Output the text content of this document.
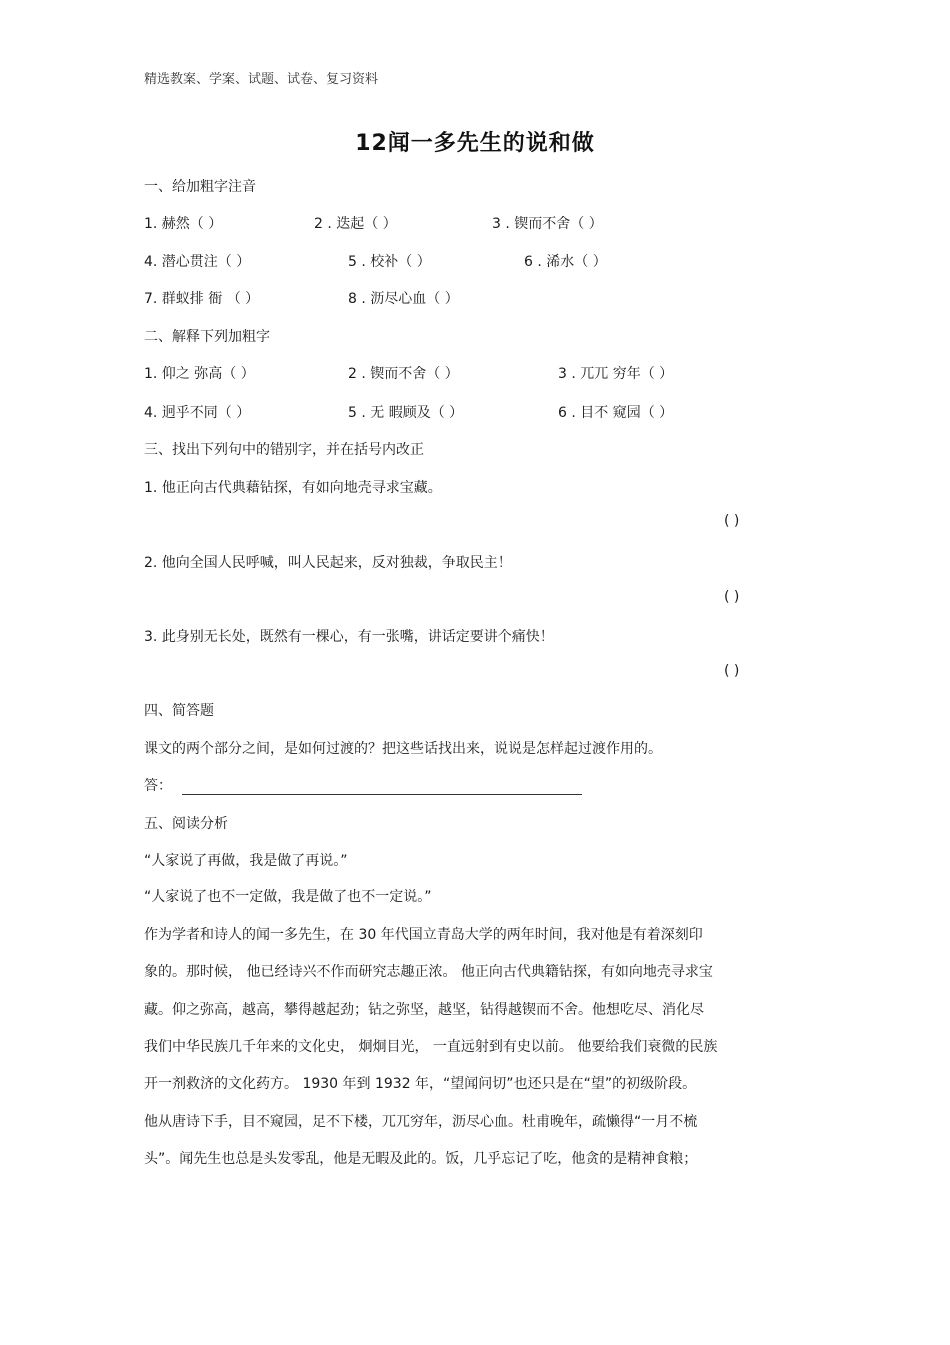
精选教案、学案、试题、试卷、复习资料
12闻一多先生的说和做
一、给加粗字注音
1. 赫然（ ）	2 . 迭起（ ）	3 . 锲而不舍（ ）
4. 潜心贯注（ ）	5 . 校补（ ）	6 . 浠水（ ）
7. 群蚁排 衙 （ ）	8 . 沥尽心血（ ）
二、解释下列加粗字
1. 仰之 弥高（ ）	2 . 锲而不舍（ ）	3 . 兀兀 穷年（ ）
4. 迥乎不同（ ）	5 . 无 暇顾及（ ）	6 . 目不 窥园（ ）
三、找出下列句中的错别字，并在括号内改正
1. 他正向古代典藉钻探，有如向地壳寻求宝藏。
( )
2. 他向全国人民呼喊，叫人民起来，反对独裁，争取民主！
( )
3. 此身别无长处，既然有一棵心，有一张嘴，讲话定要讲个痛快！
( )
四、简答题
课文的两个部分之间，是如何过渡的？把这些话找出来，说说是怎样起过渡作用的。
答：
五、阅读分析
“人家说了再做，我是做了再说。”
“人家说了也不一定做，我是做了也不一定说。”
作为学者和诗人的闻一多先生，在 30 年代国立青岛大学的两年时间，我对他是有着深刻印
象的。那时候， 他已经诗兴不作而研究志趣正浓。 他正向古代典籍钻探，有如向地壳寻求宝
藏。仰之弥高，越高，攀得越起劲；钻之弥坚，越坚，钻得越锲而不舍。他想吃尽、消化尽
我们中华民族几千年来的文化史， 炯炯目光， 一直远射到有史以前。 他要给我们衰微的民族
开一剂救济的文化药方。 1930 年到 1932 年，“望闻问切”也还只是在“望”的初级阶段。
他从唐诗下手，目不窥园，足不下楼，兀兀穷年，沥尽心血。杜甫晚年，疏懒得“一月不梳
头”。闻先生也总是头发零乱，他是无暇及此的。饭，几乎忘记了吃，他贪的是精神食粮；
